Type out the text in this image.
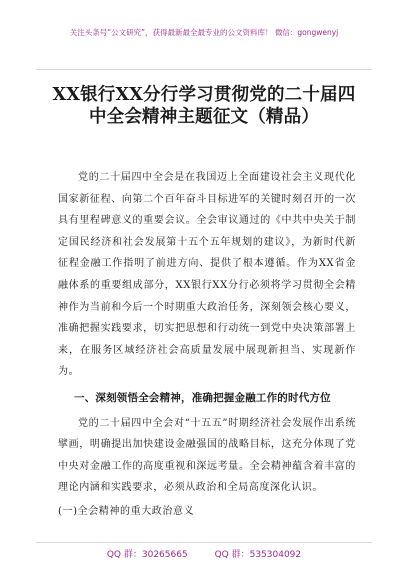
关注头条号“公文研究”，获得最新最全最专业的公文资料库！ 微信：gongwenyj
XX银行XX分行学习贯彻党的二十届四
中全会精神主题征文（精品）

党的二十届四中全会是在我国迈上全面建设社会主义现代化国家新征程、向第二个百年奋斗目标进军的关键时刻召开的一次具有里程碑意义的重要会议。全会审议通过的《中共中央关于制定国民经济和社会发展第十五个五年规划的建议》，为新时代新征程金融工作指明了前进方向、提供了根本遵循。作为XX省金融体系的重要组成部分，XX银行XX分行必须将学习贯彻全会精神作为当前和今后一个时期重大政治任务，深刻领会核心要义，准确把握实践要求，切实把思想和行动统一到党中央决策部署上来，在服务区域经济社会高质量发展中展现新担当、实现新作为。

一、深刻领悟全会精神，准确把握金融工作的时代方位

党的二十届四中全会对“十五五”时期经济社会发展作出系统擘画，明确提出加快建设金融强国的战略目标，这充分体现了党中央对金融工作的高度重视和深远考量。全会精神蕴含着丰富的理论内涵和实践要求，必须从政治和全局高度深化认识。

(一)全会精神的重大政治意义

QQ 群：30265665	QQ 群：535304092
